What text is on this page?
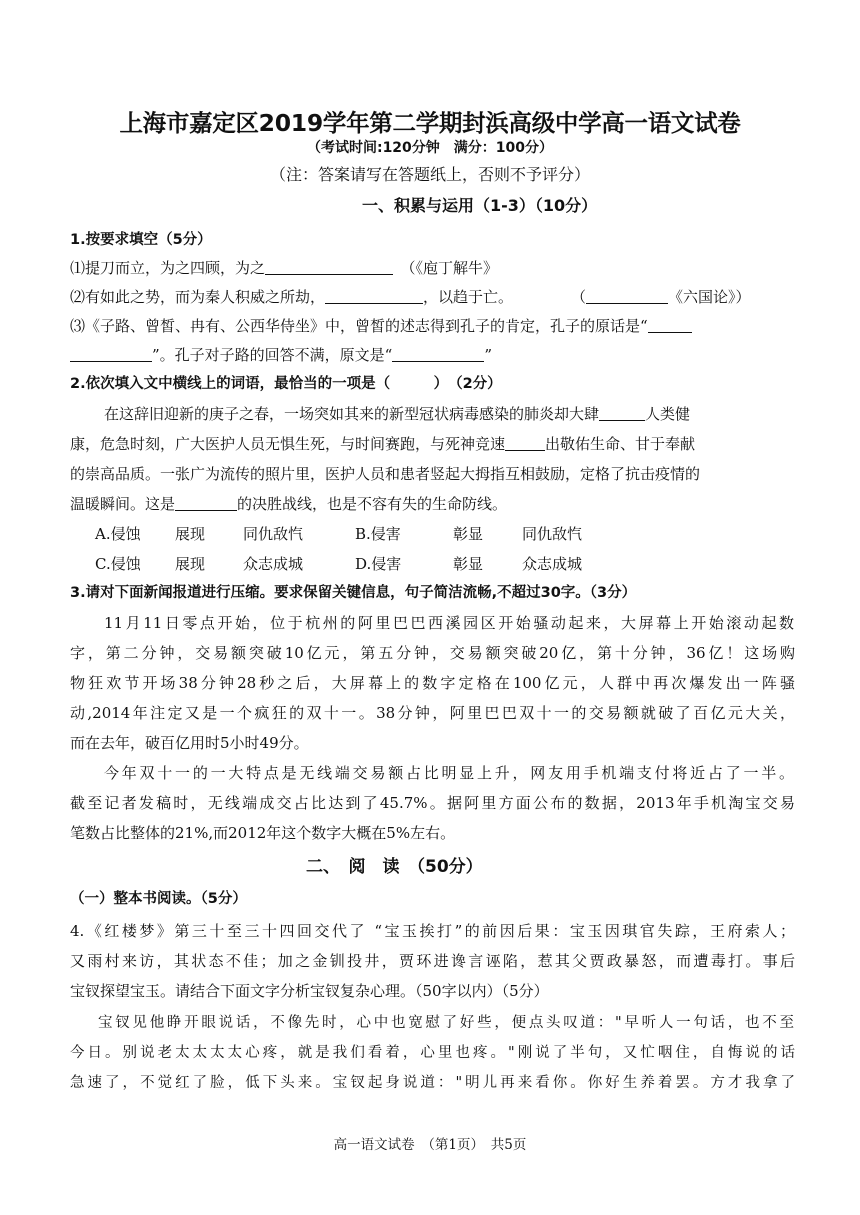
上海市嘉定区2019学年第二学期封浜高级中学高一语文试卷
（考试时间:120分钟　满分：100分）
（注：答案请写在答题纸上，否则不予评分）
一、积累与运用（1-3）（10分）
1.按要求填空（5分）
⑴提刀而立，为之四顾，为之　	（《庖丁解牛》
⑵有如此之势，而为秦人积威之所劫，	，以趋于亡。	（	《六国论》）
⑶《子路、曾皙、冉有、公西华侍坐》中，曾皙的述志得到孔子的肯定，孔子的原话是“
”。孔子对子路的回答不满，原文是“	”
2.依次填入文中横线上的词语，最恰当的一项是（　　　）　（2分）
在这辞旧迎新的庚子之春，一场突如其来的新型冠状病毒感染的肺炎却大肆	人类健
康，危急时刻，广大医护人员无惧生死，与时间赛跑，与死神竞速	出敬佑生命、甘于奉献
的崇高品质。一张广为流传的照片里，医护人员和患者竖起大拇指互相鼓励，定格了抗击疫情的
温暖瞬间。这是	的决胜战线，也是不容有失的生命防线。
A.侵蚀 展现	同仇敌忾	B.侵害	彰显	同仇敌忾
C.侵蚀 展现	众志成城	D.侵害	彰显	众志成城
3.请对下面新闻报道进行压缩。要求保留关键信息，句子简洁流畅,不超过30字。（3分）
11月11日零点开始，位于杭州的阿里巴巴西溪园区开始骚动起来，大屏幕上开始滚动起数
字，第二分钟，交易额突破10亿元，第五分钟，交易额突破20亿，第十分钟，36亿！这场购
物狂欢节开场38分钟28秒之后，大屏幕上的数字定格在100亿元，人群中再次爆发出一阵骚
动,2014年注定又是一个疯狂的双十一。38分钟，阿里巴巴双十一的交易额就破了百亿元大关，
而在去年，破百亿用时5小时49分。
今年双十一的一大特点是无线端交易额占比明显上升，网友用手机端支付将近占了一半。
截至记者发稿时，无线端成交占比达到了45.7%。据阿里方面公布的数据，2013年手机淘宝交易
笔数占比整体的21%,而2012年这个数字大概在5%左右。
二、　阅　读　（50分）
（一）整本书阅读。（5分）
4.《红楼梦》第三十至三十四回交代了 “宝玉挨打”的前因后果：宝玉因琪官失踪，王府索人；
又雨村来访，其状态不佳；加之金钏投井，贾环进谗言诬陷，惹其父贾政暴怒，而遭毒打。事后
宝钗探望宝玉。请结合下面文字分析宝钗复杂心理。（50字以内）（5分）
宝钗见他睁开眼说话，不像先时，心中也宽慰了好些，便点头叹道："早听人一句话，也不至
今日。别说老太太太太心疼，就是我们看着，心里也疼。"刚说了半句，又忙咽住，自悔说的话
急速了，不觉红了脸，低下头来。宝钗起身说道："明儿再来看你。你好生养着罢。方才我拿了
高一语文试卷　（第1页）　共5页
